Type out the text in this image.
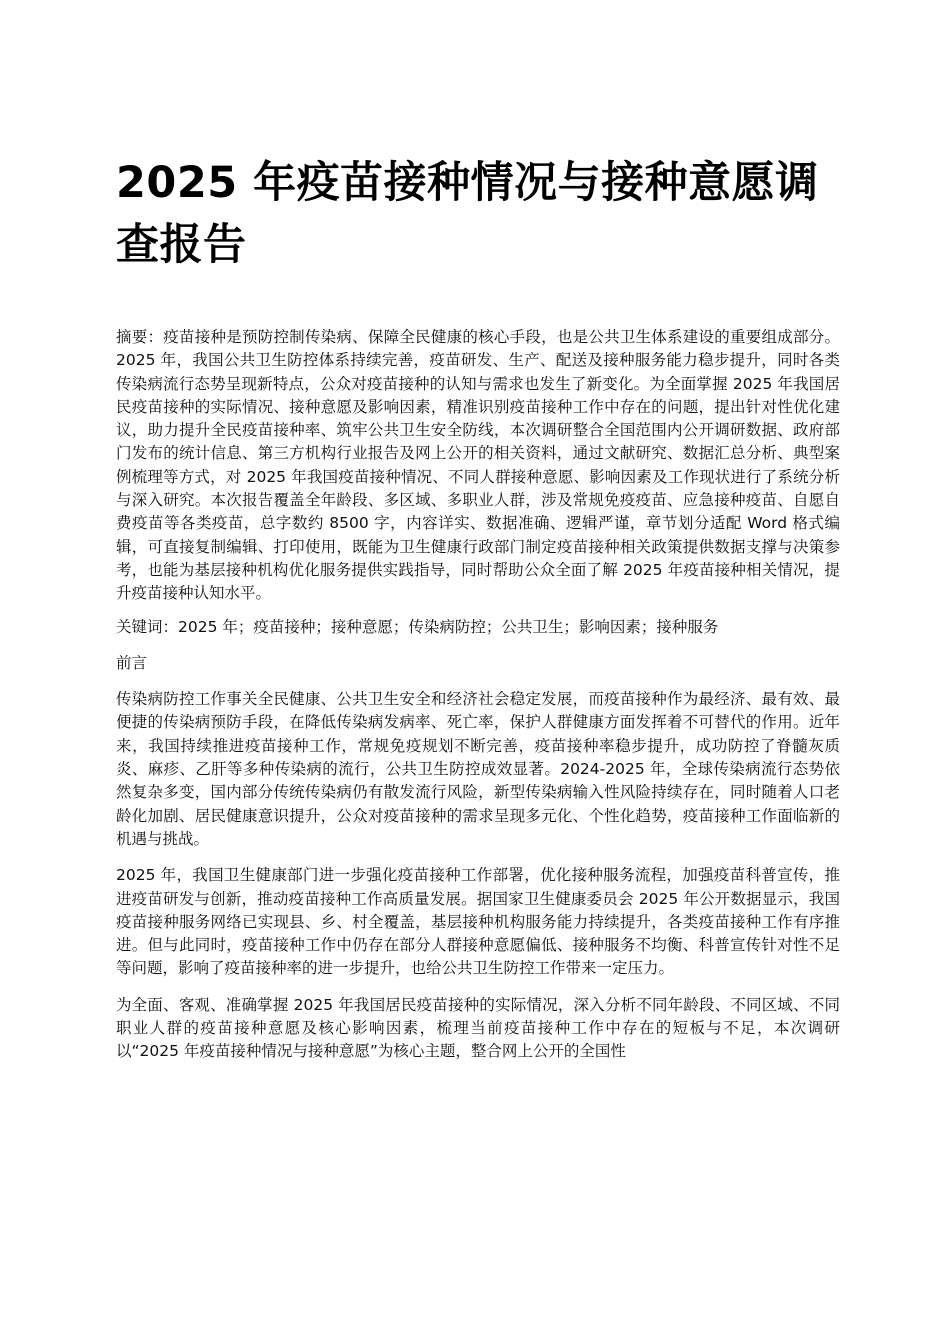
2025 年疫苗接种情况与接种意愿调查报告

摘要：疫苗接种是预防控制传染病、保障全民健康的核心手段，也是公共卫生体系建设的重要组成部分。2025 年，我国公共卫生防控体系持续完善，疫苗研发、生产、配送及接种服务能力稳步提升，同时各类传染病流行态势呈现新特点，公众对疫苗接种的认知与需求也发生了新变化。为全面掌握 2025 年我国居民疫苗接种的实际情况、接种意愿及影响因素，精准识别疫苗接种工作中存在的问题，提出针对性优化建议，助力提升全民疫苗接种率、筑牢公共卫生安全防线，本次调研整合全国范围内公开调研数据、政府部门发布的统计信息、第三方机构行业报告及网上公开的相关资料，通过文献研究、数据汇总分析、典型案例梳理等方式，对 2025 年我国疫苗接种情况、不同人群接种意愿、影响因素及工作现状进行了系统分析与深入研究。本次报告覆盖全年龄段、多区域、多职业人群，涉及常规免疫疫苗、应急接种疫苗、自愿自费疫苗等各类疫苗，总字数约 8500 字，内容详实、数据准确、逻辑严谨，章节划分适配 Word 格式编辑，可直接复制编辑、打印使用，既能为卫生健康行政部门制定疫苗接种相关政策提供数据支撑与决策参考，也能为基层接种机构优化服务提供实践指导，同时帮助公众全面了解 2025 年疫苗接种相关情况，提升疫苗接种认知水平。

关键词：2025 年；疫苗接种；接种意愿；传染病防控；公共卫生；影响因素；接种服务

前言

传染病防控工作事关全民健康、公共卫生安全和经济社会稳定发展，而疫苗接种作为最经济、最有效、最便捷的传染病预防手段，在降低传染病发病率、死亡率，保护人群健康方面发挥着不可替代的作用。近年来，我国持续推进疫苗接种工作，常规免疫规划不断完善，疫苗接种率稳步提升，成功防控了脊髓灰质炎、麻疹、乙肝等多种传染病的流行，公共卫生防控成效显著。2024-2025 年，全球传染病流行态势依然复杂多变，国内部分传统传染病仍有散发流行风险，新型传染病输入性风险持续存在，同时随着人口老龄化加剧、居民健康意识提升，公众对疫苗接种的需求呈现多元化、个性化趋势，疫苗接种工作面临新的机遇与挑战。

2025 年，我国卫生健康部门进一步强化疫苗接种工作部署，优化接种服务流程，加强疫苗科普宣传，推进疫苗研发与创新，推动疫苗接种工作高质量发展。据国家卫生健康委员会 2025 年公开数据显示，我国疫苗接种服务网络已实现县、乡、村全覆盖，基层接种机构服务能力持续提升，各类疫苗接种工作有序推进。但与此同时，疫苗接种工作中仍存在部分人群接种意愿偏低、接种服务不均衡、科普宣传针对性不足等问题，影响了疫苗接种率的进一步提升，也给公共卫生防控工作带来一定压力。

为全面、客观、准确掌握 2025 年我国居民疫苗接种的实际情况，深入分析不同年龄段、不同区域、不同职业人群的疫苗接种意愿及核心影响因素，梳理当前疫苗接种工作中存在的短板与不足，本次调研以“2025 年疫苗接种情况与接种意愿”为核心主题，整合网上公开的全国性
